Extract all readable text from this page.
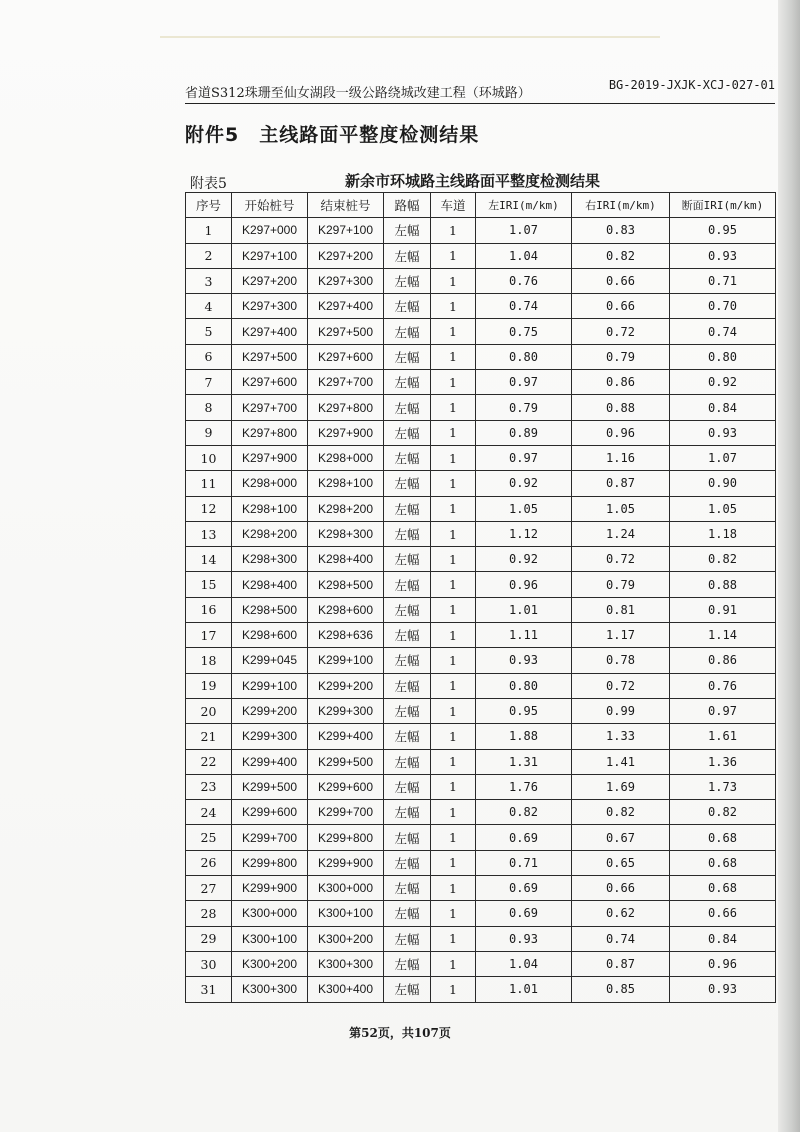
省道S312珠珊至仙女湖段一级公路绕城改建工程（环城路）
BG-2019-JXJK-XCJ-027-01
附件5　主线路面平整度检测结果
附表5	新余市环城路主线路面平整度检测结果
序号	开始桩号	结束桩号	路幅	车道	左IRI(m/km)	右IRI(m/km)	断面IRI(m/km)
1	K297+000	K297+100	左幅	1	1.07	0.83	0.95
2	K297+100	K297+200	左幅	1	1.04	0.82	0.93
3	K297+200	K297+300	左幅	1	0.76	0.66	0.71
4	K297+300	K297+400	左幅	1	0.74	0.66	0.70
5	K297+400	K297+500	左幅	1	0.75	0.72	0.74
6	K297+500	K297+600	左幅	1	0.80	0.79	0.80
7	K297+600	K297+700	左幅	1	0.97	0.86	0.92
8	K297+700	K297+800	左幅	1	0.79	0.88	0.84
9	K297+800	K297+900	左幅	1	0.89	0.96	0.93
10	K297+900	K298+000	左幅	1	0.97	1.16	1.07
11	K298+000	K298+100	左幅	1	0.92	0.87	0.90
12	K298+100	K298+200	左幅	1	1.05	1.05	1.05
13	K298+200	K298+300	左幅	1	1.12	1.24	1.18
14	K298+300	K298+400	左幅	1	0.92	0.72	0.82
15	K298+400	K298+500	左幅	1	0.96	0.79	0.88
16	K298+500	K298+600	左幅	1	1.01	0.81	0.91
17	K298+600	K298+636	左幅	1	1.11	1.17	1.14
18	K299+045	K299+100	左幅	1	0.93	0.78	0.86
19	K299+100	K299+200	左幅	1	0.80	0.72	0.76
20	K299+200	K299+300	左幅	1	0.95	0.99	0.97
21	K299+300	K299+400	左幅	1	1.88	1.33	1.61
22	K299+400	K299+500	左幅	1	1.31	1.41	1.36
23	K299+500	K299+600	左幅	1	1.76	1.69	1.73
24	K299+600	K299+700	左幅	1	0.82	0.82	0.82
25	K299+700	K299+800	左幅	1	0.69	0.67	0.68
26	K299+800	K299+900	左幅	1	0.71	0.65	0.68
27	K299+900	K300+000	左幅	1	0.69	0.66	0.68
28	K300+000	K300+100	左幅	1	0.69	0.62	0.66
29	K300+100	K300+200	左幅	1	0.93	0.74	0.84
30	K300+200	K300+300	左幅	1	1.04	0.87	0.96
31	K300+300	K300+400	左幅	1	1.01	0.85	0.93
第52页，共107页
